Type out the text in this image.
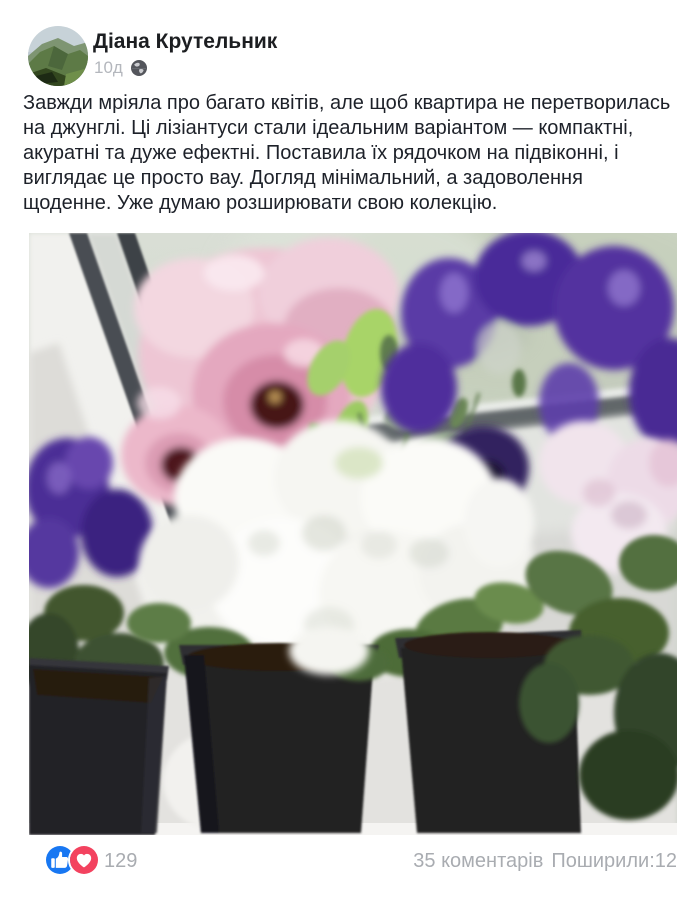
Діана Крутельник
10д
Завжди мріяла про багато квітів, але щоб квартира не перетворилась
на джунглі. Ці лізіантуси стали ідеальним варіантом — компактні,
акуратні та дуже ефектні. Поставила їх рядочком на підвіконні, і
виглядає це просто вау. Догляд мінімальний, а задоволення
щоденне. Уже думаю розширювати свою колекцію.
129	35 коментарів Поширили:12
